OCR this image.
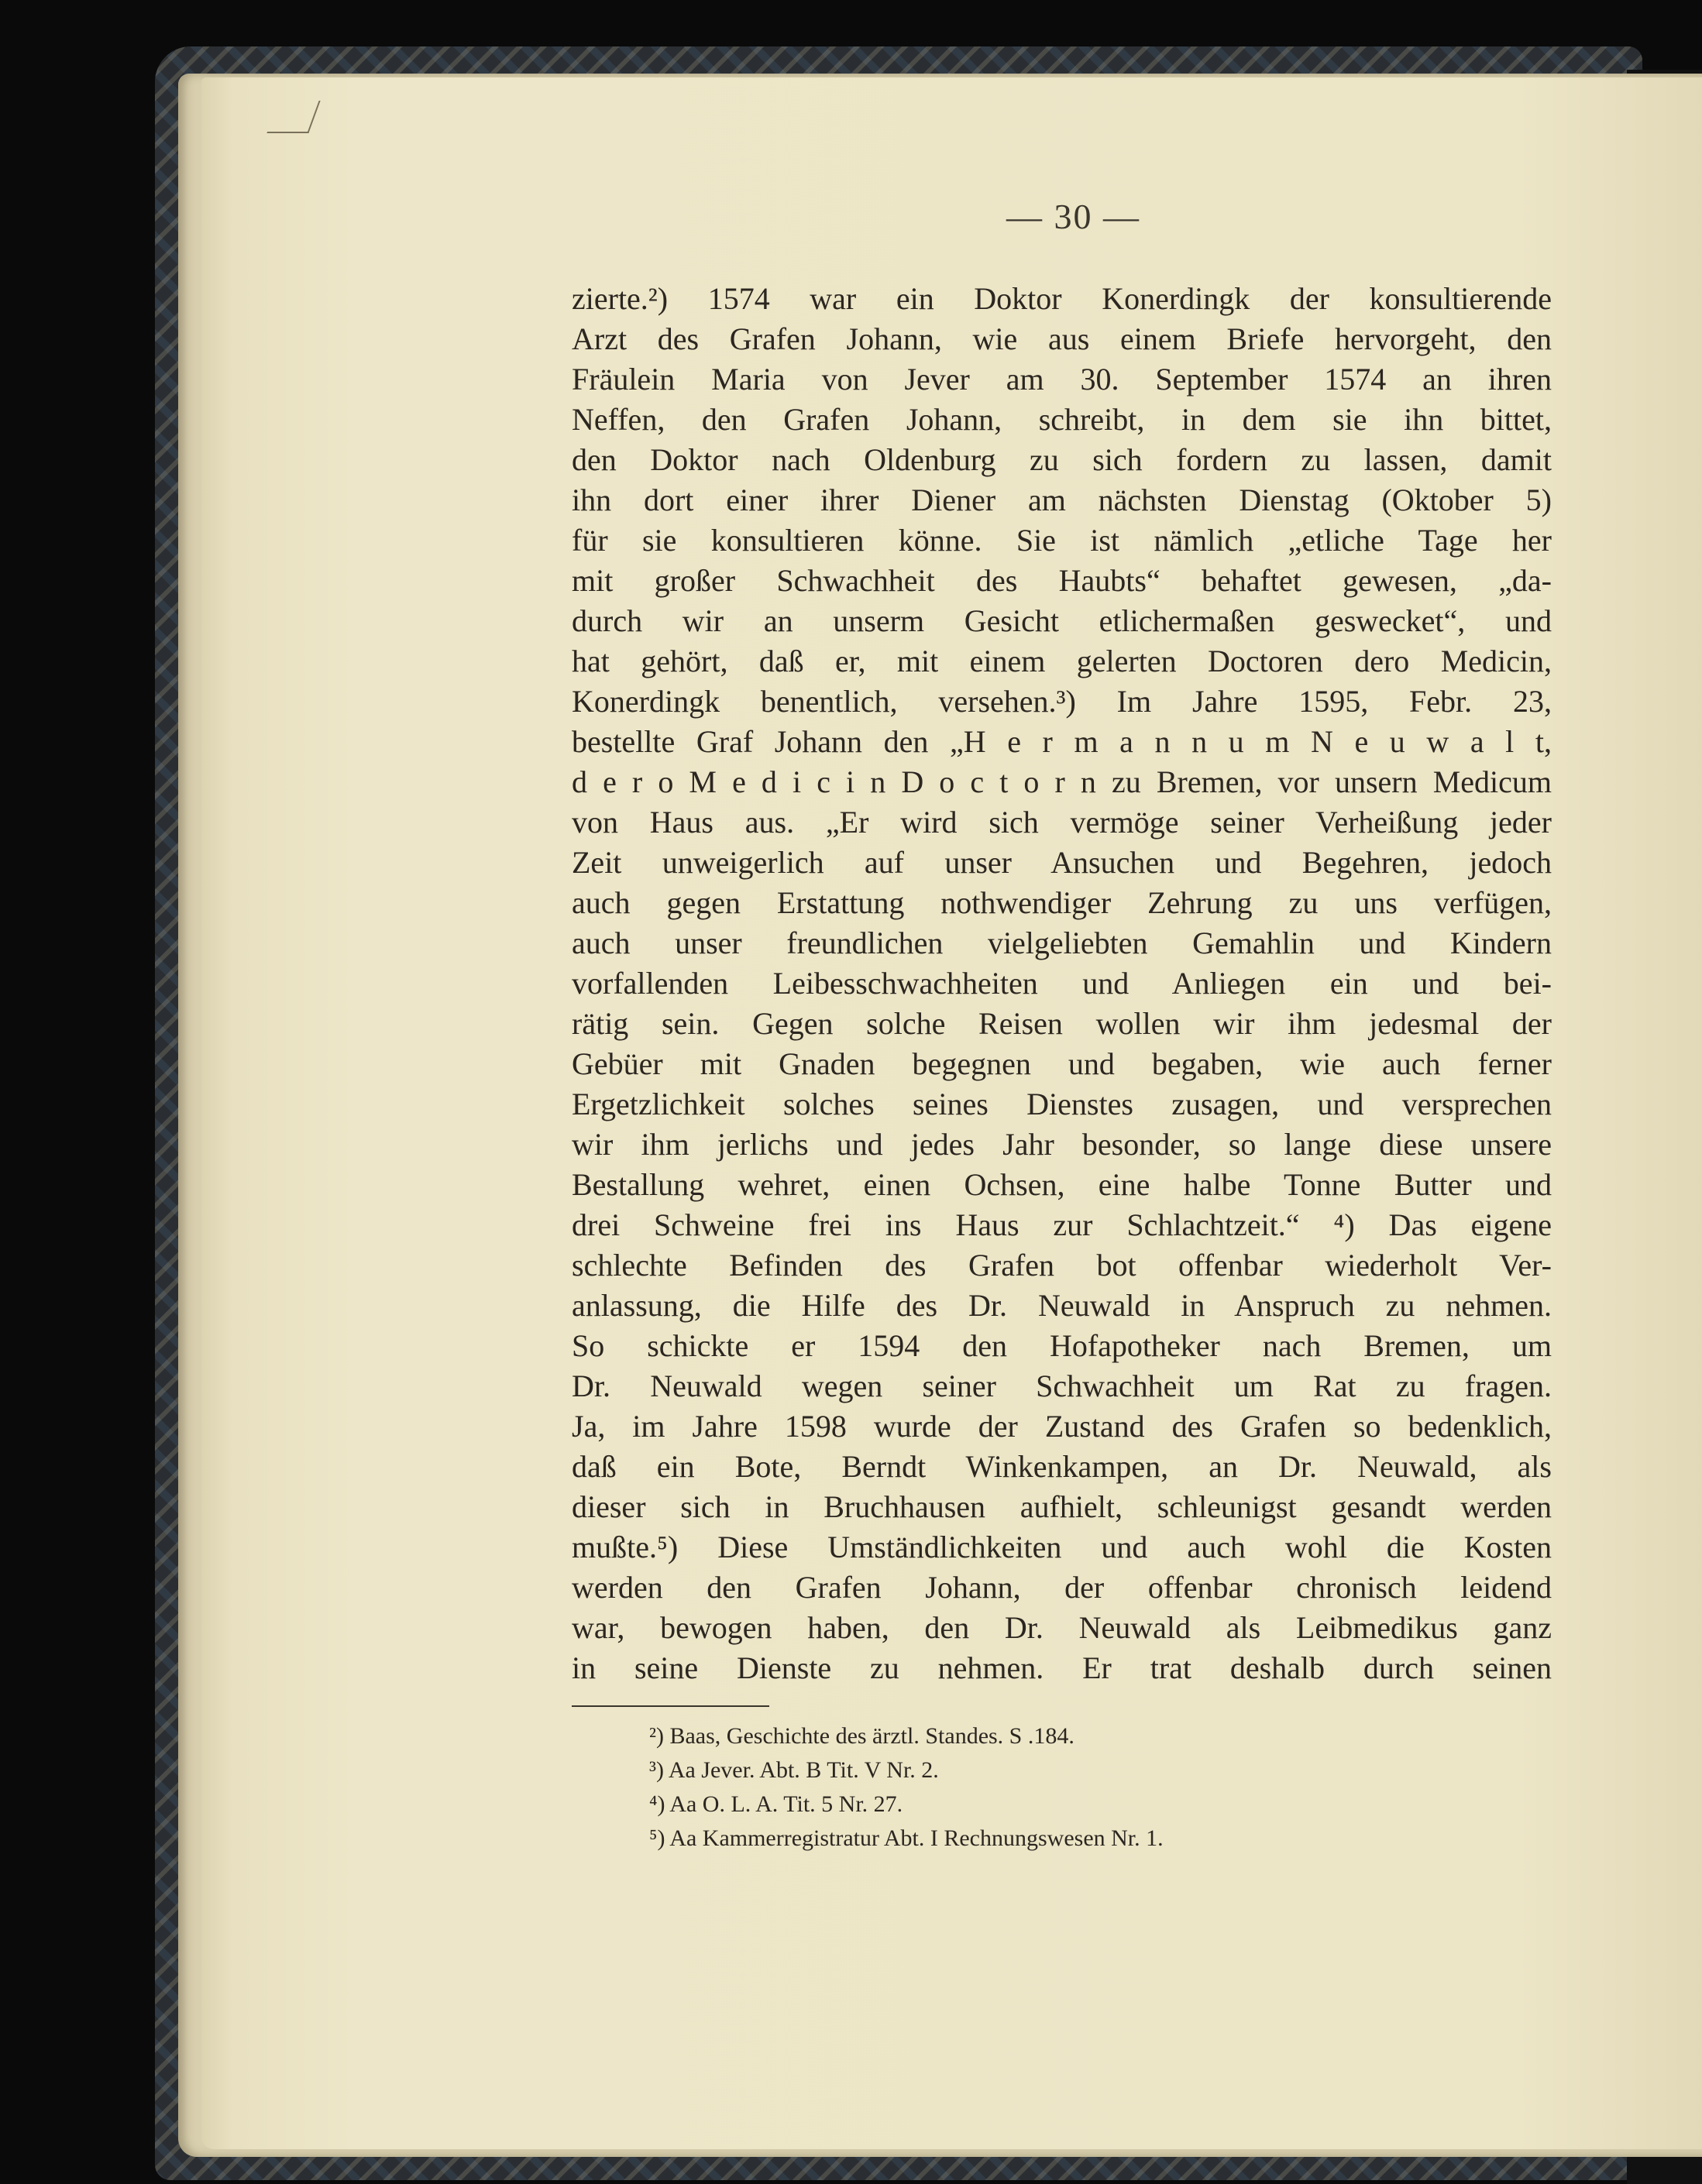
— 30 —
zierte.²) 1574 war ein Doktor Konerdingk der konsultierende
Arzt des Grafen Johann, wie aus einem Briefe hervorgeht, den
Fräulein Maria von Jever am 30. September 1574 an ihren
Neffen, den Grafen Johann, schreibt, in dem sie ihn bittet,
den Doktor nach Oldenburg zu sich fordern zu lassen, damit
ihn dort einer ihrer Diener am nächsten Dienstag (Oktober 5)
für sie konsultieren könne. Sie ist nämlich „etliche Tage her
mit großer Schwachheit des Haubts“ behaftet gewesen, „da-
durch wir an unserm Gesicht etlichermaßen geswecket“, und
hat gehört, daß er, mit einem gelerten Doctoren dero Medicin,
Konerdingk benentlich, versehen.³) Im Jahre 1595, Febr. 23,
bestellte Graf Johann den „H e r m a n n u m N e u w a l t,
d e r o M e d i c i n D o c t o r n zu Bremen, vor unsern Medicum
von Haus aus. „Er wird sich vermöge seiner Verheißung jeder
Zeit unweigerlich auf unser Ansuchen und Begehren, jedoch
auch gegen Erstattung nothwendiger Zehrung zu uns verfügen,
auch unser freundlichen vielgeliebten Gemahlin und Kindern
vorfallenden Leibesschwachheiten und Anliegen ein und bei-
rätig sein. Gegen solche Reisen wollen wir ihm jedesmal der
Gebüer mit Gnaden begegnen und begaben, wie auch ferner
Ergetzlichkeit solches seines Dienstes zusagen, und versprechen
wir ihm jerlichs und jedes Jahr besonder, so lange diese unsere
Bestallung wehret, einen Ochsen, eine halbe Tonne Butter und
drei Schweine frei ins Haus zur Schlachtzeit.“ ⁴) Das eigene
schlechte Befinden des Grafen bot offenbar wiederholt Ver-
anlassung, die Hilfe des Dr. Neuwald in Anspruch zu nehmen.
So schickte er 1594 den Hofapotheker nach Bremen, um
Dr. Neuwald wegen seiner Schwachheit um Rat zu fragen.
Ja, im Jahre 1598 wurde der Zustand des Grafen so bedenklich,
daß ein Bote, Berndt Winkenkampen, an Dr. Neuwald, als
dieser sich in Bruchhausen aufhielt, schleunigst gesandt werden
mußte.⁵) Diese Umständlichkeiten und auch wohl die Kosten
werden den Grafen Johann, der offenbar chronisch leidend
war, bewogen haben, den Dr. Neuwald als Leibmedikus ganz
in seine Dienste zu nehmen. Er trat deshalb durch seinen
²) Baas, Geschichte des ärztl. Standes. S .184.
³) Aa Jever. Abt. B Tit. V Nr. 2.
⁴) Aa O. L. A. Tit. 5 Nr. 27.
⁵) Aa Kammerregistratur Abt. I Rechnungswesen Nr. 1.
